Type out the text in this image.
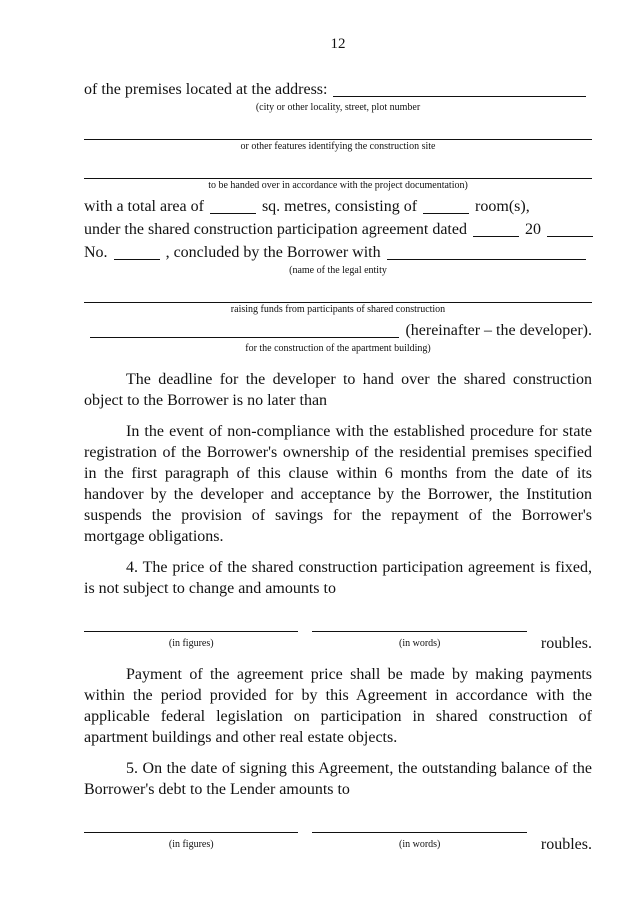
12
of the premises located at the address:
(city or other locality, street, plot number
or other features identifying the construction site
to be handed over in accordance with the project documentation)
with a total area of	sq. metres, consisting of	room(s),
under the shared construction participation agreement dated	20
No.	, concluded by the Borrower with
(name of the legal entity
raising funds from participants of shared construction
(hereinafter – the developer).
for the construction of the apartment building)

The deadline for the developer to hand over the shared construction object to the Borrower is no later than

In the event of non-compliance with the established procedure for state registration of the Borrower's ownership of the residential premises specified in the first paragraph of this clause within 6 months from the date of its handover by the developer and acceptance by the Borrower, the Institution suspends the provision of savings for the repayment of the Borrower's mortgage obligations.

4. The price of the shared construction participation agreement is fixed, is not subject to change and amounts to

(in figures)	(in words)	roubles.

Payment of the agreement price shall be made by making payments within the period provided for by this Agreement in accordance with the applicable federal legislation on participation in shared construction of apartment buildings and other real estate objects.

5. On the date of signing this Agreement, the outstanding balance of the Borrower's debt to the Lender amounts to

(in figures)	(in words)	roubles.
